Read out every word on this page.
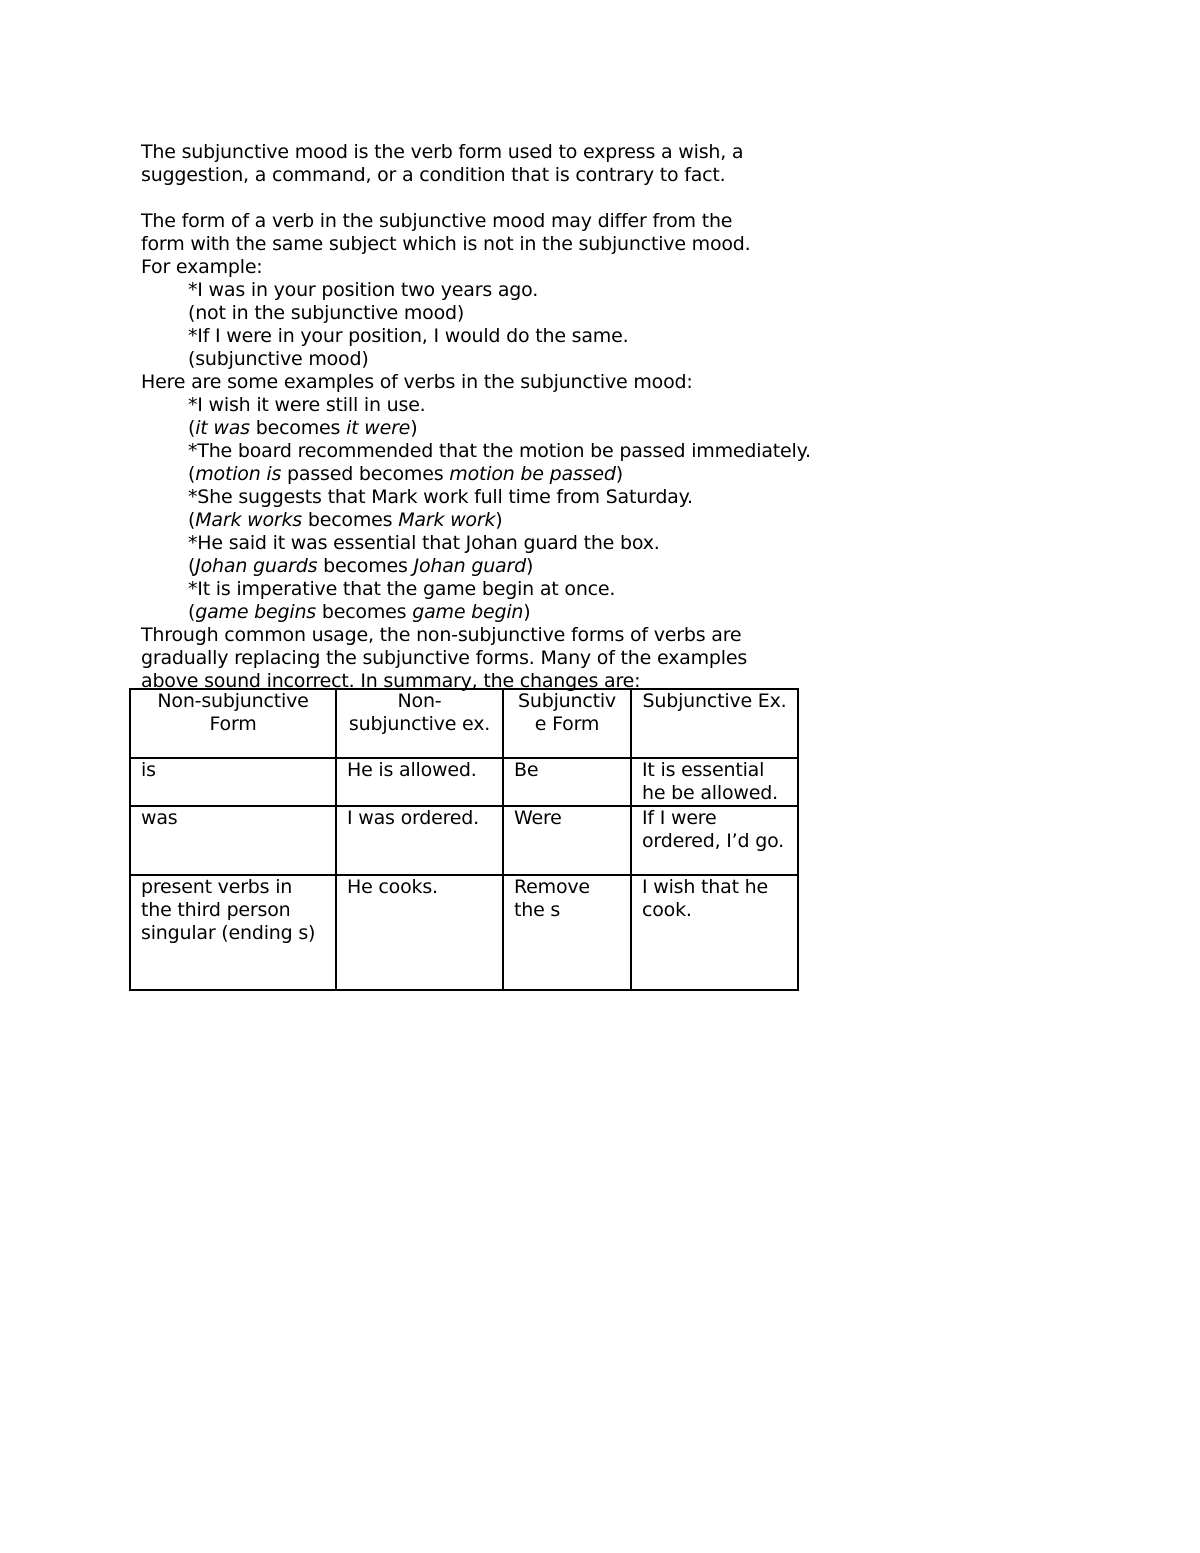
The subjunctive mood is the verb form used to express a wish, a
suggestion, a command, or a condition that is contrary to fact.
The form of a verb in the subjunctive mood may differ from the
form with the same subject which is not in the subjunctive mood.
For example:
*I was in your position two years ago.
(not in the subjunctive mood)
*If I were in your position, I would do the same.
(subjunctive mood)
Here are some examples of verbs in the subjunctive mood:
*I wish it were still in use.
(it was becomes it were)
*The board recommended that the motion be passed immediately.
(motion is passed becomes motion be passed)
*She suggests that Mark work full time from Saturday.
(Mark works becomes Mark work)
*He said it was essential that Johan guard the box.
(Johan guards becomes Johan guard)
*It is imperative that the game begin at once.
(game begins becomes game begin)
Through common usage, the non-subjunctive forms of verbs are
gradually replacing the subjunctive forms. Many of the examples
above sound incorrect. In summary, the changes are:
Non-subjunctive Form	Non-subjunctive ex.	Subjunctive Form	Subjunctive Ex.
is	He is allowed.	Be	It is essential he be allowed.
was	I was ordered.	Were	If I were ordered, I’d go.
present verbs in the third person singular (ending s)	He cooks.	Remove the s	I wish that he cook.
